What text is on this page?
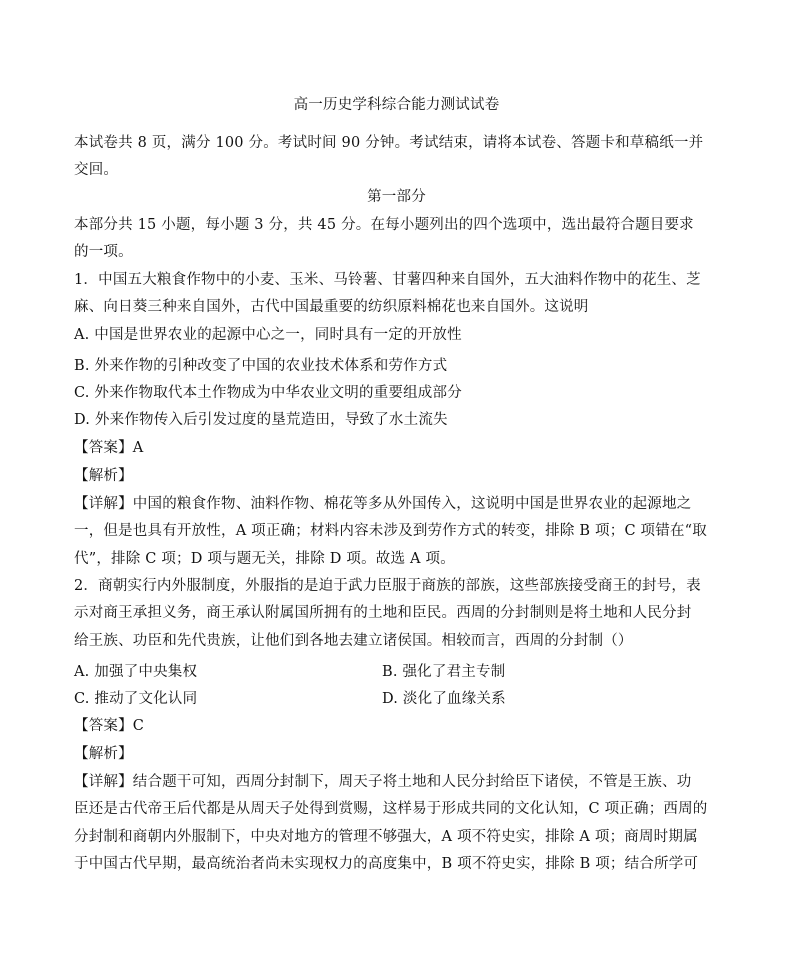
高一历史学科综合能力测试试卷
本试卷共 8 页，满分 100 分。考试时间 90 分钟。考试结束，请将本试卷、答题卡和草稿纸一并
交回。
第一部分
本部分共 15 小题，每小题 3 分，共 45 分。在每小题列出的四个选项中，选出最符合题目要求
的一项。
1．中国五大粮食作物中的小麦、玉米、马铃薯、甘薯四种来自国外，五大油料作物中的花生、芝
麻、向日葵三种来自国外，古代中国最重要的纺织原料棉花也来自国外。这说明
A. 中国是世界农业的起源中心之一，同时具有一定的开放性
B. 外来作物的引种改变了中国的农业技术体系和劳作方式
C. 外来作物取代本土作物成为中华农业文明的重要组成部分
D. 外来作物传入后引发过度的垦荒造田，导致了水土流失
【答案】A
【解析】
【详解】中国的粮食作物、油料作物、棉花等多从外国传入，这说明中国是世界农业的起源地之
一，但是也具有开放性，A 项正确；材料内容未涉及到劳作方式的转变，排除 B 项；C 项错在“取
代”，排除 C 项；D 项与题无关，排除 D 项。故选 A 项。
2．商朝实行内外服制度，外服指的是迫于武力臣服于商族的部族，这些部族接受商王的封号，表
示对商王承担义务，商王承认附属国所拥有的土地和臣民。西周的分封制则是将土地和人民分封
给王族、功臣和先代贵族，让他们到各地去建立诸侯国。相较而言，西周的分封制（）
A. 加强了中央集权	B. 强化了君主专制
C. 推动了文化认同	D. 淡化了血缘关系
【答案】C
【解析】
【详解】结合题干可知，西周分封制下，周天子将土地和人民分封给臣下诸侯，不管是王族、功
臣还是古代帝王后代都是从周天子处得到赏赐，这样易于形成共同的文化认知，C 项正确；西周的
分封制和商朝内外服制下，中央对地方的管理不够强大，A 项不符史实，排除 A 项；商周时期属
于中国古代早期，最高统治者尚未实现权力的高度集中，B 项不符史实，排除 B 项；结合所学可
